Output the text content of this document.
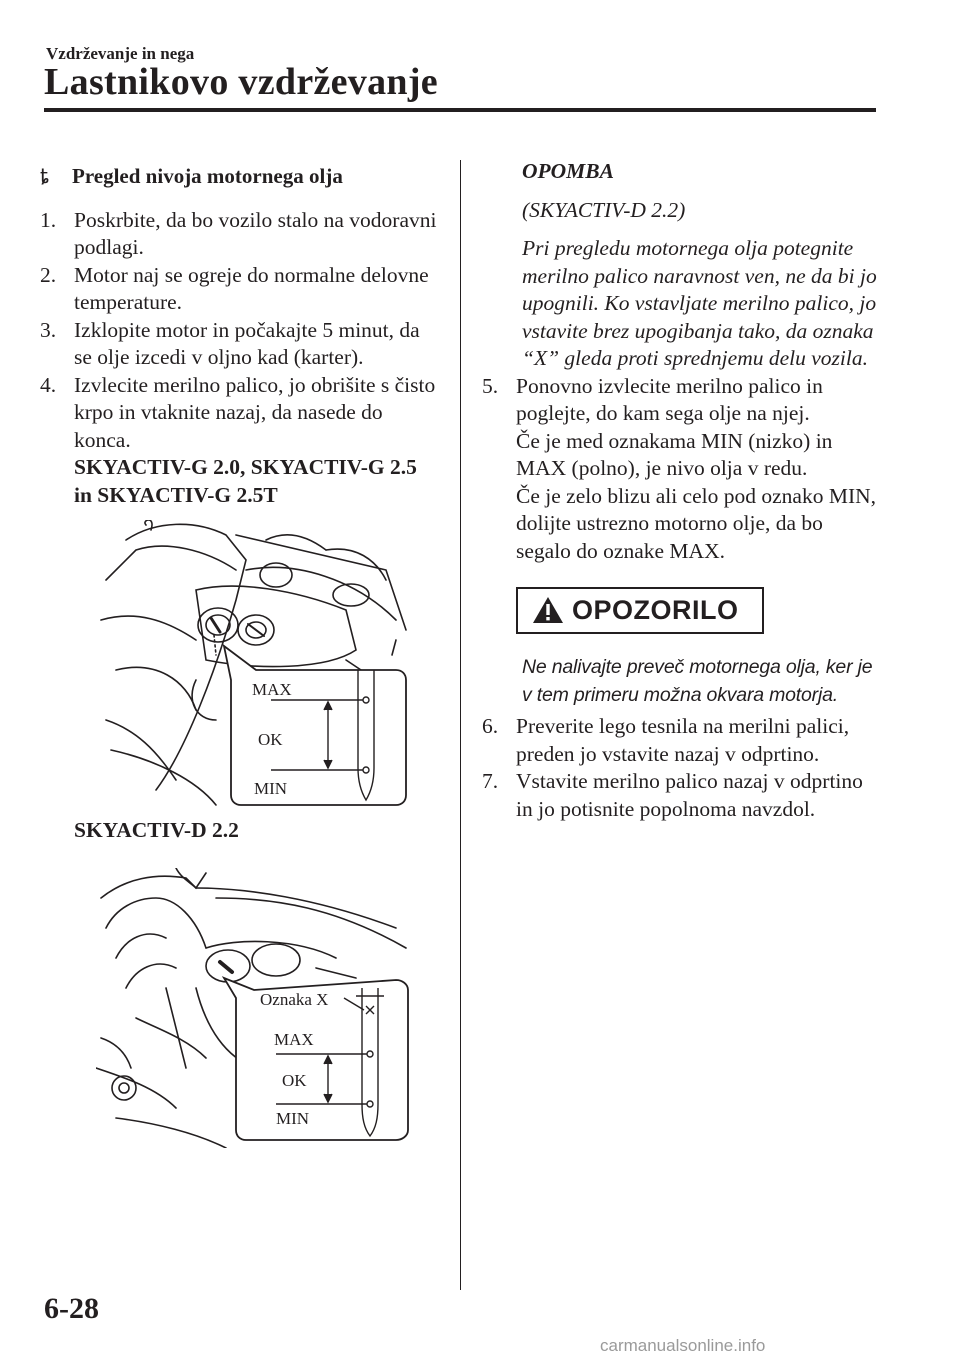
Vzdrževanje in nega
Lastnikovo vzdrževanje
ȶ Pregled nivoja motornega olja
1. Poskrbite, da bo vozilo stalo na vodoravni podlagi.
2. Motor naj se ogreje do normalne delovne temperature.
3. Izklopite motor in počakajte 5 minut, da se olje izcedi v oljno kad (karter).
4. Izvlecite merilno palico, jo obrišite s čisto krpo in vtaknite nazaj, da nasede do konca.
SKYACTIV-G 2.0, SKYACTIV-G 2.5 in SKYACTIV-G 2.5T
MAX
OK
MIN
SKYACTIV-D 2.2
Oznaka X
MAX
OK
MIN

OPOMBA

(SKYACTIV-D 2.2)

Pri pregledu motornega olja potegnite merilno palico naravnost ven, ne da bi jo upognili. Ko vstavljate merilno palico, jo vstavite brez upogibanja tako, da oznaka “X” gleda proti sprednjemu delu vozila.

5. Ponovno izvlecite merilno palico in poglejte, do kam sega olje na njej.
Če je med oznakama MIN (nizko) in MAX (polno), je nivo olja v redu.
Če je zelo blizu ali celo pod oznako MIN, dolijte ustrezno motorno olje, da bo segalo do oznake MAX.
OPOZORILO
Ne nalivajte preveč motornega olja, ker je v tem primeru možna okvara motorja.
6. Preverite lego tesnila na merilni palici, preden jo vstavite nazaj v odprtino.
7. Vstavite merilno palico nazaj v odprtino in jo potisnite popolnoma navzdol.
6-28
carmanualsonline.info
